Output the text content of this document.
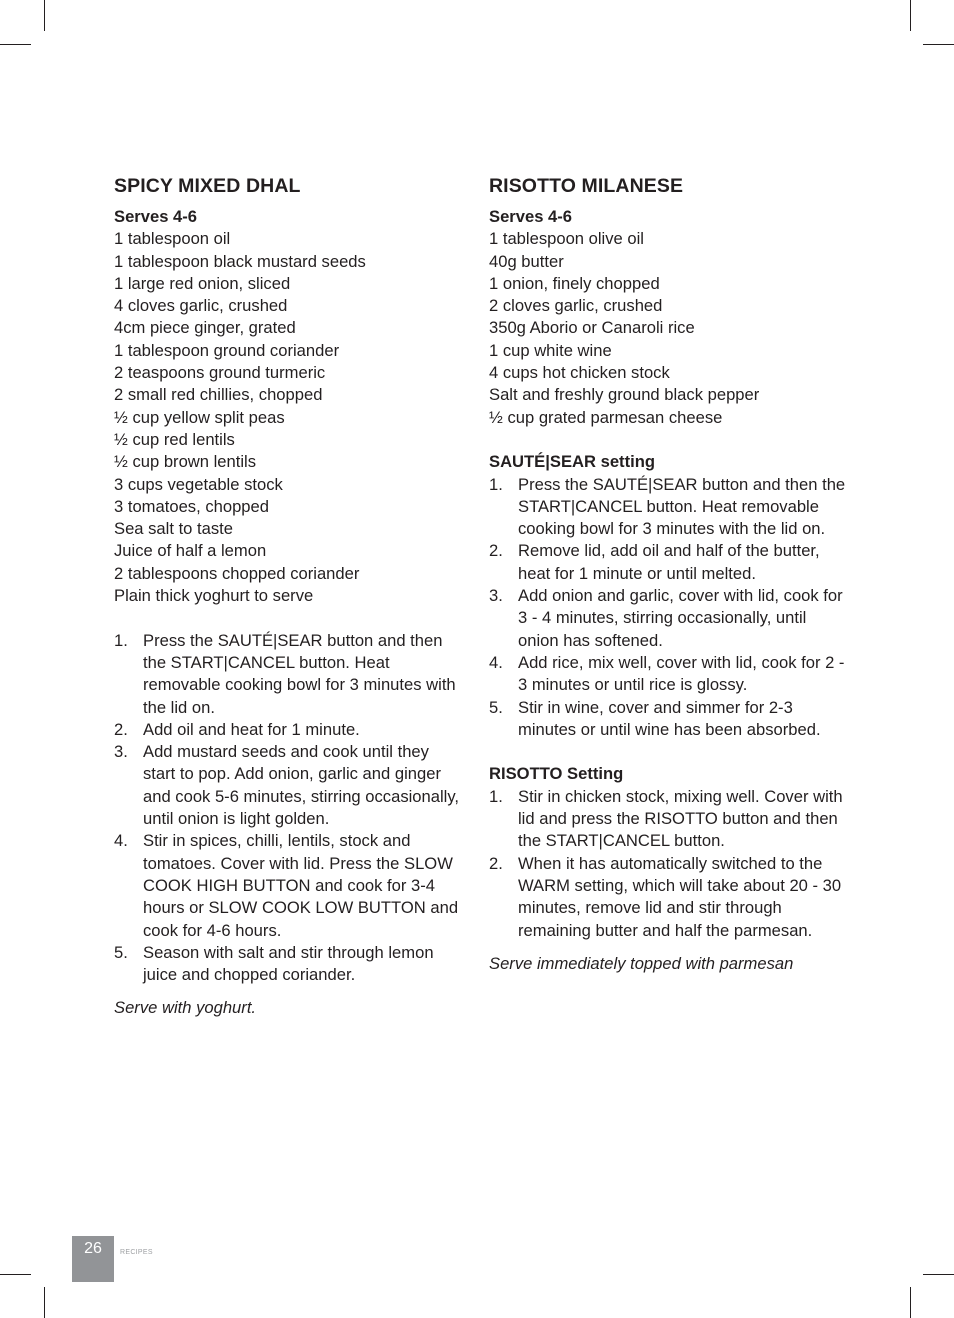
SPICY MIXED DHAL
Serves 4-6
1 tablespoon oil
1 tablespoon black mustard seeds
1 large red onion, sliced
4 cloves garlic, crushed
4cm piece ginger, grated
1 tablespoon ground coriander
2 teaspoons ground turmeric
2 small red chillies, chopped
½ cup yellow split peas
½ cup red lentils
½ cup brown lentils
3 cups vegetable stock
3 tomatoes, chopped
Sea salt to taste
Juice of half a lemon
2 tablespoons chopped coriander
Plain thick yoghurt to serve
1. Press the SAUTÉ|SEAR button and then the START|CANCEL button. Heat removable cooking bowl for 3 minutes with the lid on.
2. Add oil and heat for 1 minute.
3. Add mustard seeds and cook until they start to pop. Add onion, garlic and ginger and cook 5-6 minutes, stirring occasionally, until onion is light golden.
4. Stir in spices, chilli, lentils, stock and tomatoes. Cover with lid. Press the SLOW COOK HIGH BUTTON and cook for 3-4 hours or SLOW COOK LOW BUTTON and cook for 4-6 hours.
5. Season with salt and stir through lemon juice and chopped coriander.
Serve with yoghurt.
RISOTTO MILANESE
Serves 4-6
1 tablespoon olive oil
40g butter
1 onion, finely chopped
2 cloves garlic, crushed
350g Aborio or Canaroli rice
1 cup white wine
4 cups hot chicken stock
Salt and freshly ground black pepper
½ cup grated parmesan cheese
SAUTÉ|SEAR setting
1. Press the SAUTÉ|SEAR button and then the START|CANCEL button. Heat removable cooking bowl for 3 minutes with the lid on.
2. Remove lid, add oil and half of the butter, heat for 1 minute or until melted.
3. Add onion and garlic, cover with lid, cook for 3 - 4 minutes, stirring occasionally, until onion has softened.
4. Add rice, mix well, cover with lid, cook for 2 - 3 minutes or until rice is glossy.
5. Stir in wine, cover and simmer for 2-3 minutes or until wine has been absorbed.
RISOTTO Setting
1. Stir in chicken stock, mixing well. Cover with lid and press the RISOTTO button and then the START|CANCEL button.
2. When it has automatically switched to the WARM setting, which will take about 20 - 30 minutes, remove lid and stir through remaining butter and half the parmesan.
Serve immediately topped with parmesan
26	RECIPES
